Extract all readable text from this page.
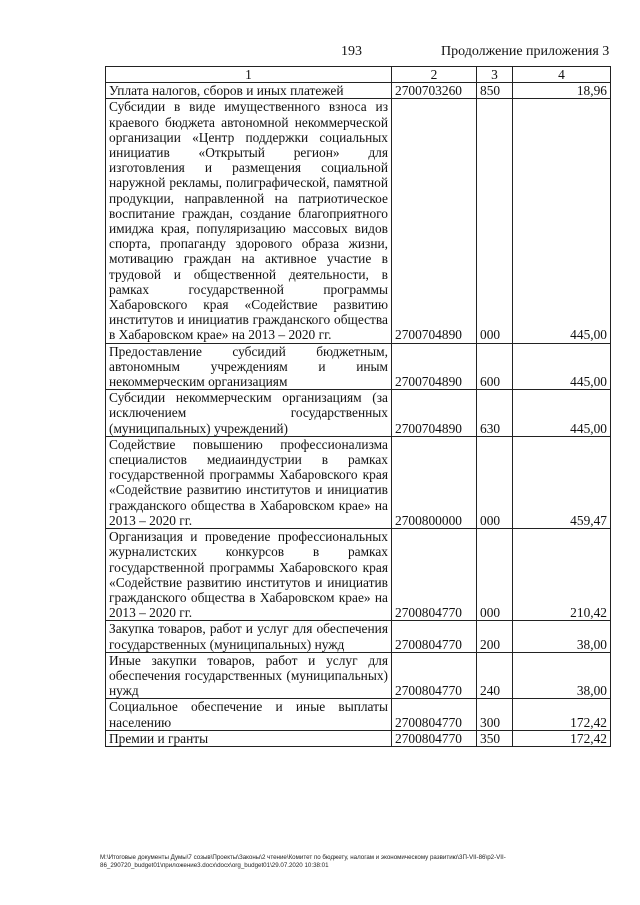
193	Продолжение приложения 3
1	2	3	4
Уплата налогов, сборов и иных платежей	2700703260	850	18,96
Субсидии в виде имущественного взноса из краевого бюджета автономной некоммерческой организации «Центр поддержки социальных инициатив «Открытый регион» для изготовления и размещения социальной наружной рекламы, полиграфической, памятной продукции, направленной на патриотическое воспитание граждан, создание благоприятного имиджа края, популяризацию массовых видов спорта, пропаганду здорового образа жизни, мотивацию граждан на активное участие в трудовой и общественной деятельности, в рамках государственной программы Хабаровского края «Содействие развитию институтов и инициатив гражданского общества в Хабаровском крае» на 2013 – 2020 гг.	2700704890	000	445,00
Предоставление субсидий бюджетным, автономным учреждениям и иным некоммерческим организациям	2700704890	600	445,00
Субсидии некоммерческим организациям (за исключением государственных (муниципальных) учреждений)	2700704890	630	445,00
Содействие повышению профессионализма специалистов медиаиндустрии в рамках государственной программы Хабаровского края «Содействие развитию институтов и инициатив гражданского общества в Хабаровском крае» на 2013 – 2020 гг.	2700800000	000	459,47
Организация и проведение профессиональных журналистских конкурсов в рамках государственной программы Хабаровского края «Содействие развитию институтов и инициатив гражданского общества в Хабаровском крае» на 2013 – 2020 гг.	2700804770	000	210,42
Закупка товаров, работ и услуг для обеспечения государственных (муниципальных) нужд	2700804770	200	38,00
Иные закупки товаров, работ и услуг для обеспечения государственных (муниципальных) нужд	2700804770	240	38,00
Социальное обеспечение и иные выплаты населению	2700804770	300	172,42
Премии и гранты	2700804770	350	172,42
M:\Итоговые документы Думы\7 созыв\Проекты\Законы\2 чтение\Комитет по бюджету, налогам и экономическому развитию\3П-VII-86\р2-VII-86_290720_budget01\приложение3.docx\docx\org_budget01\29.07.2020 10:38:01
